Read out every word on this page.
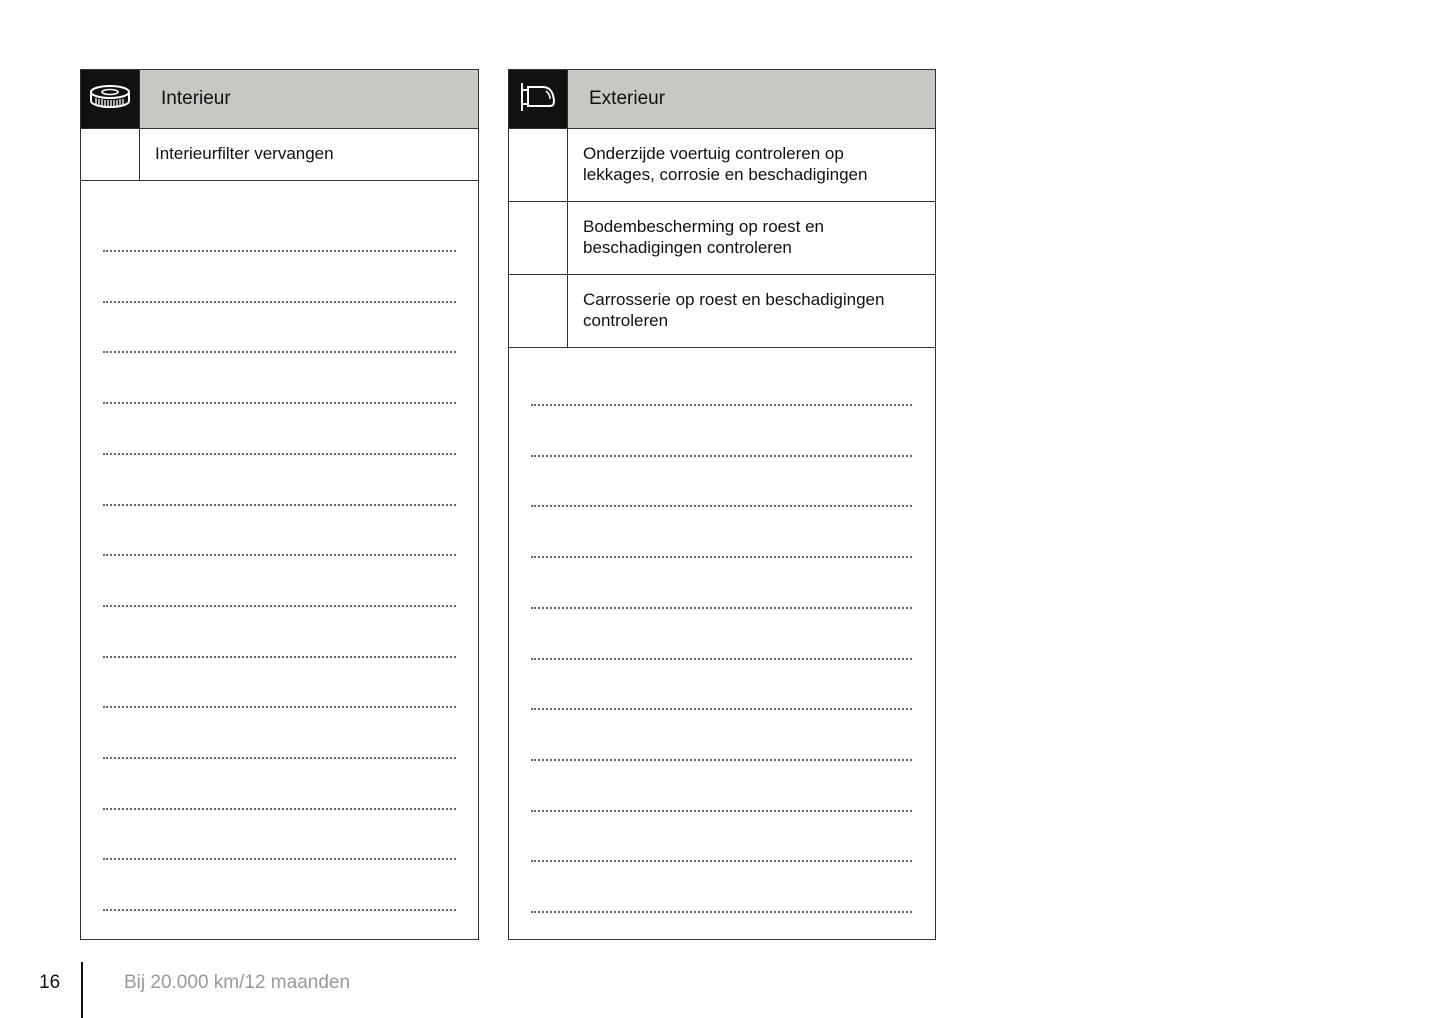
Interieur
Interieurfilter vervangen
Exterieur
Onderzijde voertuig controleren op lekkages, corrosie en beschadigingen
Bodembescherming op roest en beschadigingen controleren
Carrosserie op roest en beschadigingen controleren
16	Bij 20.000 km/12 maanden
